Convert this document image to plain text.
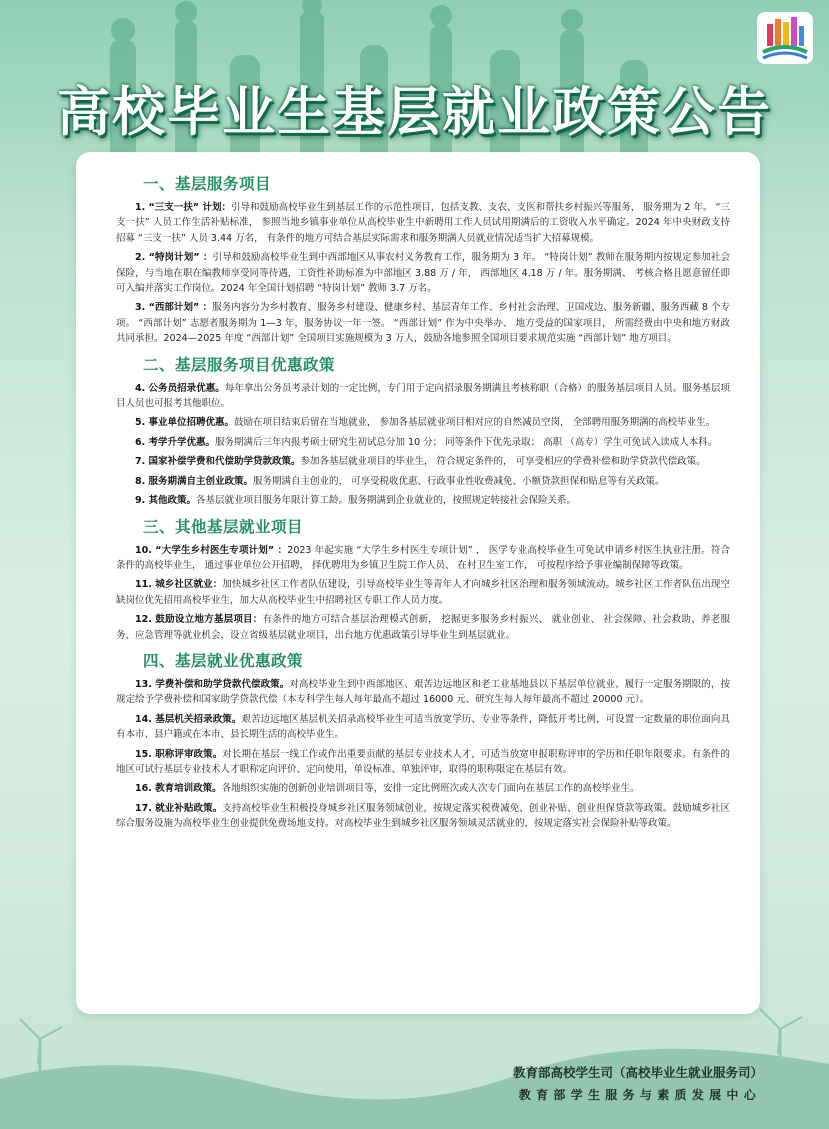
高校毕业生基层就业政策公告
一、基层服务项目

1. “三支一扶” 计划：引导和鼓励高校毕业生到基层工作的示范性项目，包括支教、支农、支医和帮扶乡村振兴等服务， 服务期为 2 年。 “三支一扶” 人员工作生活补贴标准， 参照当地乡镇事业单位从高校毕业生中新聘用工作人员试用期满后的工资收入水平确定。2024 年中央财政支持招募 “三支一扶” 人员 3.44 万名， 有条件的地方可结合基层实际需求和服务期满人员就业情况适当扩大招募规模。

2. “特岗计划” ：引导和鼓励高校毕业生到中西部地区从事农村义务教育工作，服务期为 3 年。 “特岗计划” 教师在服务期内按规定参加社会保险，与当地在职在编教师享受同等待遇，工资性补助标准为中部地区 3.88 万 / 年， 西部地区 4.18 万 / 年。服务期满、 考核合格且愿意留任即可入编并落实工作岗位。2024 年全国计划招聘 “特岗计划” 教师 3.7 万名。

3. “西部计划” ：服务内容分为乡村教育、服务乡村建设、健康乡村、基层青年工作、乡村社会治理、卫国戍边、服务新疆、服务西藏 8 个专项。 “西部计划” 志愿者服务期为 1—3 年，服务协议一年一签。 “西部计划” 作为中央举办、 地方受益的国家项目， 所需经费由中央和地方财政共同承担。2024—2025 年度 “西部计划” 全国项目实施规模为 3 万人，鼓励各地参照全国项目要求规范实施 “西部计划” 地方项目。

二、基层服务项目优惠政策

4. 公务员招录优惠。每年拿出公务员考录计划的一定比例，专门用于定向招录服务期满且考核称职（合格）的服务基层项目人员。服务基层项目人员也可报考其他职位。

5. 事业单位招聘优惠。鼓励在项目结束后留在当地就业， 参加各基层就业项目相对应的自然减员空岗， 全部聘用服务期满的高校毕业生。

6. 考学升学优惠。服务期满后三年内报考硕士研究生初试总分加 10 分； 同等条件下优先录取； 高职 （高专）学生可免试入读成人本科。

7. 国家补偿学费和代偿助学贷款政策。参加各基层就业项目的毕业生， 符合规定条件的， 可享受相应的学费补偿和助学贷款代偿政策。

8. 服务期满自主创业政策。服务期满自主创业的， 可享受税收优惠、行政事业性收费减免、小额贷款担保和贴息等有关政策。

9. 其他政策。各基层就业项目服务年限计算工龄。服务期满到企业就业的，按照规定转接社会保险关系。

三、其他基层就业项目

10. “大学生乡村医生专项计划” ：2023 年起实施 “大学生乡村医生专项计划” ， 医学专业高校毕业生可免试申请乡村医生执业注册。符合条件的高校毕业生， 通过事业单位公开招聘， 择优聘用为乡镇卫生院工作人员、 在村卫生室工作， 可按程序给予事业编制保障等政策。

11. 城乡社区就业：加快城乡社区工作者队伍建设，引导高校毕业生等青年人才向城乡社区治理和服务领域流动。城乡社区工作者队伍出现空缺岗位优先招用高校毕业生，加大从高校毕业生中招聘社区专职工作人员力度。

12. 鼓励设立地方基层项目：有条件的地方可结合基层治理模式创新， 挖掘更多服务乡村振兴、 就业创业、 社会保障、社会救助、养老服务、应急管理等就业机会，设立省级基层就业项目，出台地方优惠政策引导毕业生到基层就业。

四、基层就业优惠政策

13. 学费补偿和助学贷款代偿政策。对高校毕业生到中西部地区、艰苦边远地区和老工业基地县以下基层单位就业、履行一定服务期限的，按规定给予学费补偿和国家助学贷款代偿（本专科学生每人每年最高不超过 16000 元、研究生每人每年最高不超过 20000 元）。

14. 基层机关招录政策。艰苦边远地区基层机关招录高校毕业生可适当放宽学历、专业等条件，降低开考比例，可设置一定数量的职位面向具有本市、县户籍或在本市、县长期生活的高校毕业生。

15. 职称评审政策。对长期在基层一线工作或作出重要贡献的基层专业技术人才，可适当放宽申报职称评审的学历和任职年限要求。有条件的地区可试行基层专业技术人才职称定向评价、定向使用，单设标准、单独评审，取得的职称限定在基层有效。

16. 教育培训政策。各地组织实施的创新创业培训项目等，安排一定比例班次或人次专门面向在基层工作的高校毕业生。

17. 就业补贴政策。支持高校毕业生积极投身城乡社区服务领域创业，按规定落实税费减免、创业补贴、创业担保贷款等政策。鼓励城乡社区综合服务设施为高校毕业生创业提供免费场地支持。对高校毕业生到城乡社区服务领域灵活就业的，按规定落实社会保险补贴等政策。

教育部高校学生司（高校毕业生就业服务司）
教育部学生服务与素质发展中心
